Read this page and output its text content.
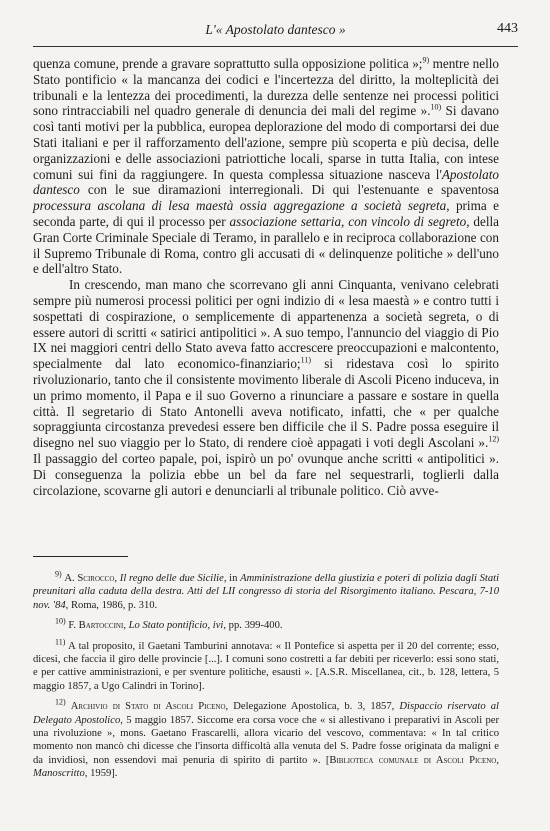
L'« Apostolato dantesco »	443

quenza comune, prende a gravare soprattutto sulla opposizione politica »;$^{9)}$ mentre nello Stato pontificio « la mancanza dei codici e l'incertezza del diritto, la molteplicità dei tribunali e la lentezza dei procedimenti, la durezza delle sentenze nei processi politici sono rintracciabili nel quadro generale di denuncia dei mali del regime ».$^{10)}$ Si davano così tanti motivi per la pubblica, europea deplorazione del modo di comportarsi dei due Stati italiani e per il rafforzamento dell'azione, sempre più scoperta e più decisa, delle organizzazioni e delle associazioni patriottiche locali, sparse in tutta Italia, con intese comuni sui fini da raggiungere. In questa complessa situazione nasceva l'Apostolato dantesco con le sue diramazioni interregionali. Di qui l'estenuante e spaventosa processura ascolana di lesa maestà ossia aggregazione a società segreta, prima e seconda parte, di qui il processo per associazione settaria, con vincolo di segreto, della Gran Corte Criminale Speciale di Teramo, in parallelo e in reciproca collaborazione con il Supremo Tribunale di Roma, contro gli accusati di « delinquenze politiche » dell'uno e dell'altro Stato.

In crescendo, man mano che scorrevano gli anni Cinquanta, venivano celebrati sempre più numerosi processi politici per ogni indizio di « lesa maestà » e contro tutti i sospettati di cospirazione, o semplicemente di appartenenza a società segreta, o di essere autori di scritti « satirici antipolitici ». A suo tempo, l'annuncio del viaggio di Pio IX nei maggiori centri dello Stato aveva fatto accrescere preoccupazioni e malcontento, specialmente dal lato economico-finanziario;$^{11)}$ si ridestava così lo spirito rivoluzionario, tanto che il consistente movimento liberale di Ascoli Piceno induceva, in un primo momento, il Papa e il suo Governo a rinunciare a passare e sostare in quella città. Il segretario di Stato Antonelli aveva notificato, infatti, che « per qualche sopraggiunta circostanza prevedesi essere ben difficile che il S. Padre possa eseguire il disegno nel suo viaggio per lo Stato, di rendere cioè appagati i voti degli Ascolani ».$^{12)}$ Il passaggio del corteo papale, poi, ispirò un po' ovunque anche scritti « antipolitici ». Di conseguenza la polizia ebbe un bel da fare nel sequestrarli, toglierli dalla circolazione, scovarne gli autori e denunciarli al tribunale politico. Ciò avve-

$^{9)}$ A. Scirocco, Il regno delle due Sicilie, in Amministrazione della giustizia e poteri di polizia dagli Stati preunitari alla caduta della destra. Atti del LII congresso di storia del Risorgimento italiano. Pescara, 7-10 nov. '84, Roma, 1986, p. 310.

$^{10)}$ F. Bartoccini, Lo Stato pontificio, ivi, pp. 399-400.

$^{11)}$ A tal proposito, il Gaetani Tamburini annotava: « Il Pontefice si aspetta per il 20 del corrente; esso, dicesi, che faccia il giro delle provincie [...]. I comuni sono costretti a far debiti per riceverlo: essi sono stati, e per cattive amministrazioni, e per sventure politiche, esausti ». [A.S.R. Miscellanea, cit., b. 128, lettera, 5 maggio 1857, a Ugo Calindri in Torino].

$^{12)}$ Archivio di Stato di Ascoli Piceno, Delegazione Apostolica, b. 3, 1857, Dispaccio riservato al Delegato Apostolico, 5 maggio 1857. Siccome era corsa voce che « si allestivano i preparativi in Ascoli per una rivoluzione », mons. Gaetano Frascarelli, allora vicario del vescovo, commentava: « In tal critico momento non mancò chi dicesse che l'insorta difficoltà alla venuta del S. Padre fosse originata da maligni e da invidiosi, non essendovi mai penuria di spirito di partito ». [Biblioteca comunale di Ascoli Piceno, Manoscritto, 1959].
